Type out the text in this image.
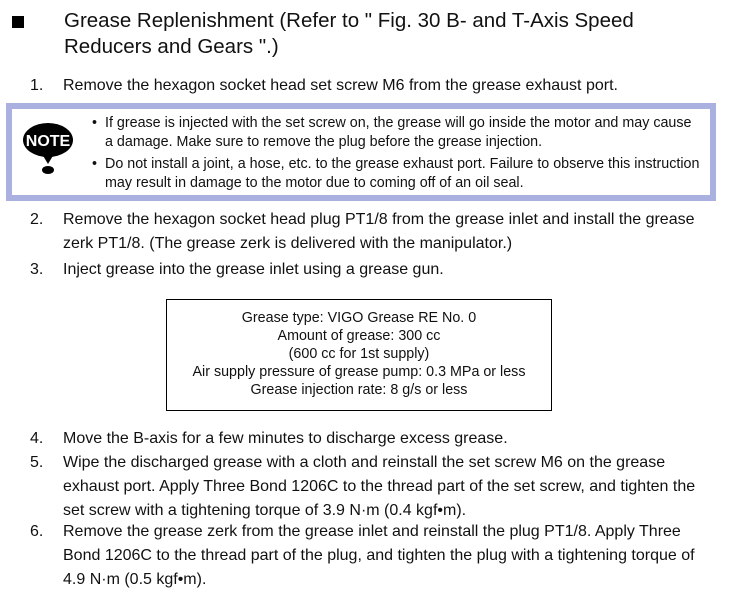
Grease Replenishment (Refer to " Fig. 30 B- and T-Axis Speed Reducers and Gears ".)
1.	Remove the hexagon socket head set screw M6 from the grease exhaust port.
NOTE
• If grease is injected with the set screw on, the grease will go inside the motor and may cause a damage. Make sure to remove the plug before the grease injection.
• Do not install a joint, a hose, etc. to the grease exhaust port. Failure to observe this instruction may result in damage to the motor due to coming off of an oil seal.
2.	Remove the hexagon socket head plug PT1/8 from the grease inlet and install the grease zerk PT1/8. (The grease zerk is delivered with the manipulator.)
3.	Inject grease into the grease inlet using a grease gun.
Grease type: VIGO Grease RE No. 0
Amount of grease: 300 cc
(600 cc for 1st supply)
Air supply pressure of grease pump: 0.3 MPa or less
Grease injection rate: 8 g/s or less
4.	Move the B-axis for a few minutes to discharge excess grease.
5.	Wipe the discharged grease with a cloth and reinstall the set screw M6 on the grease exhaust port. Apply Three Bond 1206C to the thread part of the set screw, and tighten the set screw with a tightening torque of 3.9 N·m (0.4 kgf•m).
6.	Remove the grease zerk from the grease inlet and reinstall the plug PT1/8. Apply Three Bond 1206C to the thread part of the plug, and tighten the plug with a tightening torque of 4.9 N·m (0.5 kgf•m).
